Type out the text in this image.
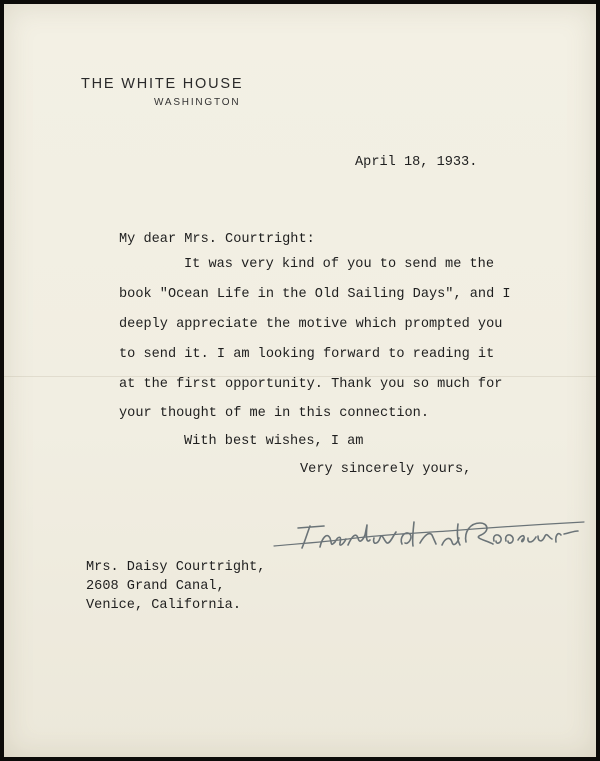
THE WHITE HOUSE
WASHINGTON
April 18, 1933.
My dear Mrs. Courtright:
It was very kind of you to send me the
book "Ocean Life in the Old Sailing Days", and I
deeply appreciate the motive which prompted you
to send it. I am looking forward to reading it
at the first opportunity. Thank you so much for
your thought of me in this connection.
With best wishes, I am
Very sincerely yours,
Mrs. Daisy Courtright,
2608 Grand Canal,
Venice, California.
